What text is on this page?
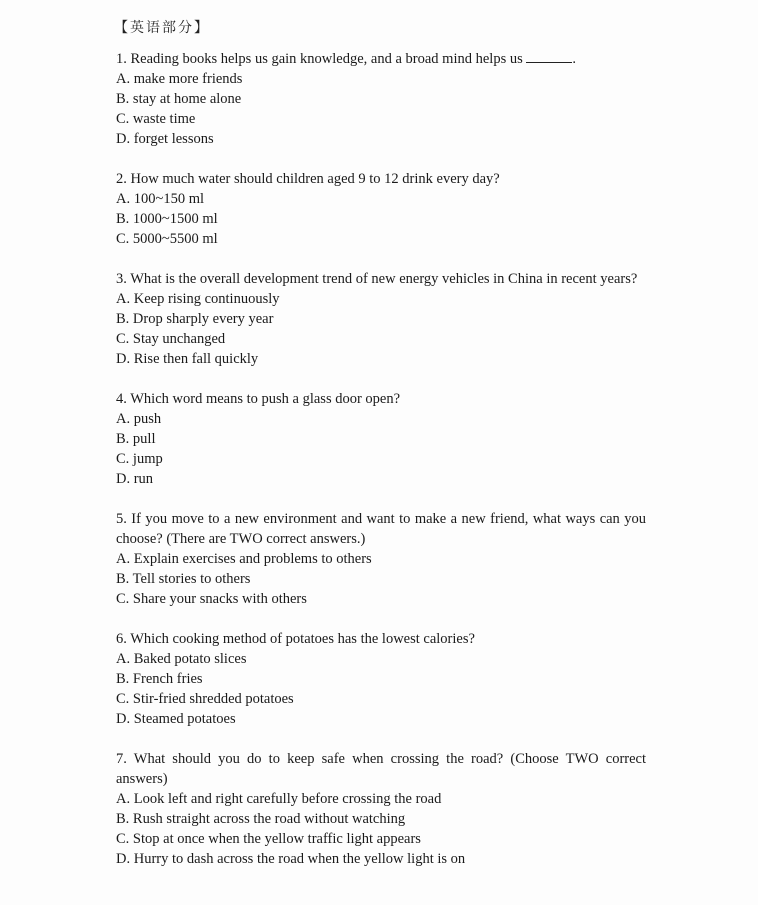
【英语部分】

1. Reading books helps us gain knowledge, and a broad mind helps us	.

A. make more friends

B. stay at home alone

C. waste time

D. forget lessons

2. How much water should children aged 9 to 12 drink every day?

A. 100~150 ml

B. 1000~1500 ml

C. 5000~5500 ml

3. What is the overall development trend of new energy vehicles in China in recent years?

A. Keep rising continuously

B. Drop sharply every year

C. Stay unchanged

D. Rise then fall quickly

4. Which word means to push a glass door open?

A. push

B. pull

C. jump

D. run

5. If you move to a new environment and want to make a new friend, what ways can you choose? (There are TWO correct answers.)

A. Explain exercises and problems to others

B. Tell stories to others

C. Share your snacks with others

6. Which cooking method of potatoes has the lowest calories?

A. Baked potato slices

B. French fries

C. Stir-fried shredded potatoes

D. Steamed potatoes

7. What should you do to keep safe when crossing the road? (Choose TWO correct answers)

A. Look left and right carefully before crossing the road

B. Rush straight across the road without watching

C. Stop at once when the yellow traffic light appears

D. Hurry to dash across the road when the yellow light is on
